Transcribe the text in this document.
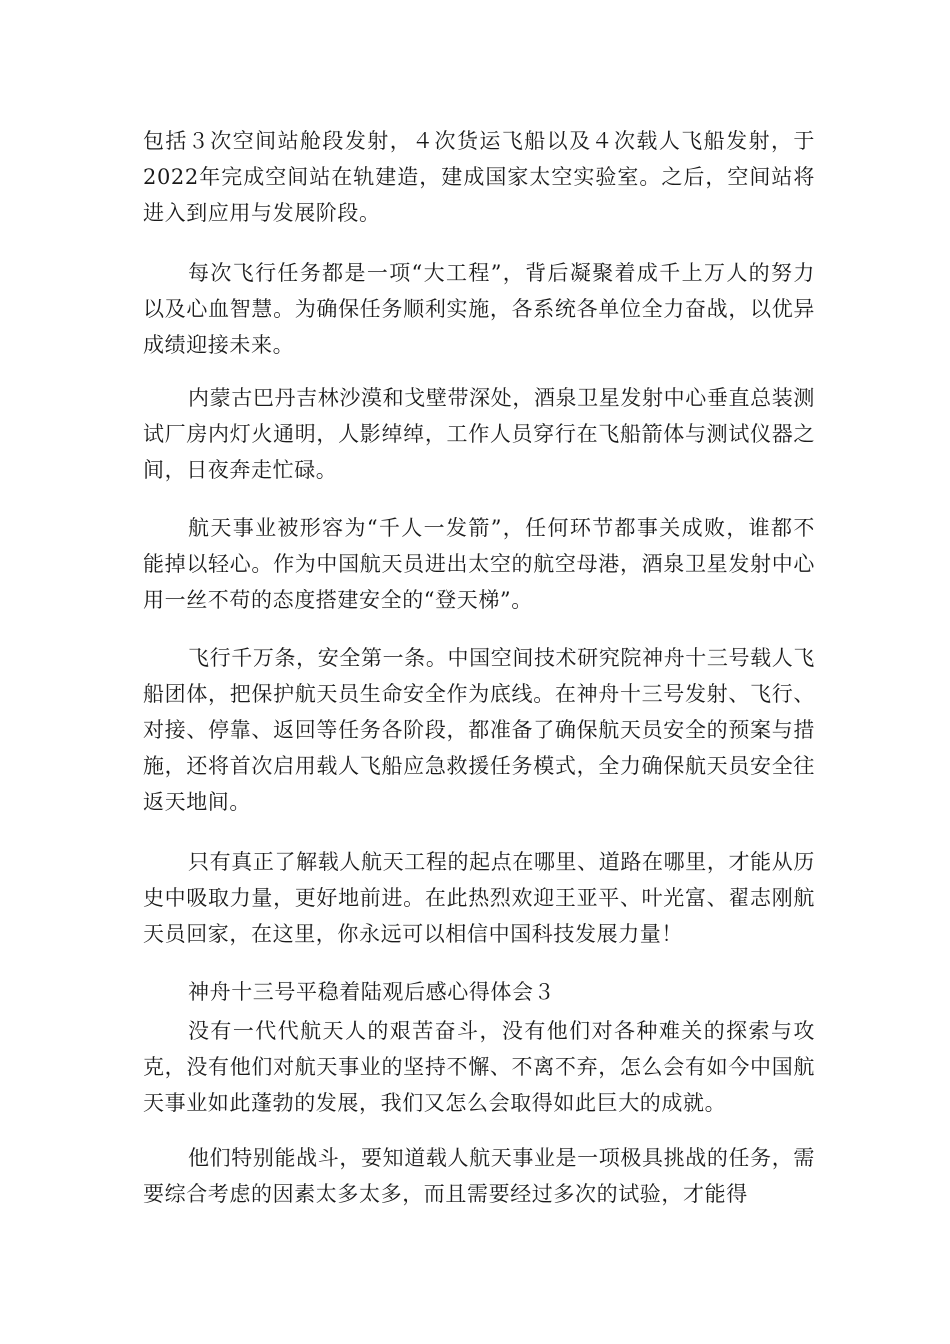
包括３次空间站舱段发射，４次货运飞船以及４次载人飞船发射，于2022年完成空间站在轨建造，建成国家太空实验室。之后，空间站将进入到应用与发展阶段。

每次飞行任务都是一项“大工程”，背后凝聚着成千上万人的努力以及心血智慧。为确保任务顺利实施，各系统各单位全力奋战，以优异成绩迎接未来。

内蒙古巴丹吉林沙漠和戈壁带深处，酒泉卫星发射中心垂直总装测试厂房内灯火通明，人影绰绰，工作人员穿行在飞船箭体与测试仪器之间，日夜奔走忙碌。

航天事业被形容为“千人一发箭”，任何环节都事关成败，谁都不能掉以轻心。作为中国航天员进出太空的航空母港，酒泉卫星发射中心用一丝不苟的态度搭建安全的“登天梯”。

飞行千万条，安全第一条。中国空间技术研究院神舟十三号载人飞船团体，把保护航天员生命安全作为底线。在神舟十三号发射、飞行、对接、停靠、返回等任务各阶段，都准备了确保航天员安全的预案与措施，还将首次启用载人飞船应急救援任务模式，全力确保航天员安全往返天地间。

只有真正了解载人航天工程的起点在哪里、道路在哪里，才能从历史中吸取力量，更好地前进。在此热烈欢迎王亚平、叶光富、翟志刚航天员回家，在这里，你永远可以相信中国科技发展力量！

神舟十三号平稳着陆观后感心得体会３

没有一代代航天人的艰苦奋斗，没有他们对各种难关的探索与攻克，没有他们对航天事业的坚持不懈、不离不弃，怎么会有如今中国航天事业如此蓬勃的发展，我们又怎么会取得如此巨大的成就。

他们特别能战斗，要知道载人航天事业是一项极具挑战的任务，需要综合考虑的因素太多太多，而且需要经过多次的试验，才能得
